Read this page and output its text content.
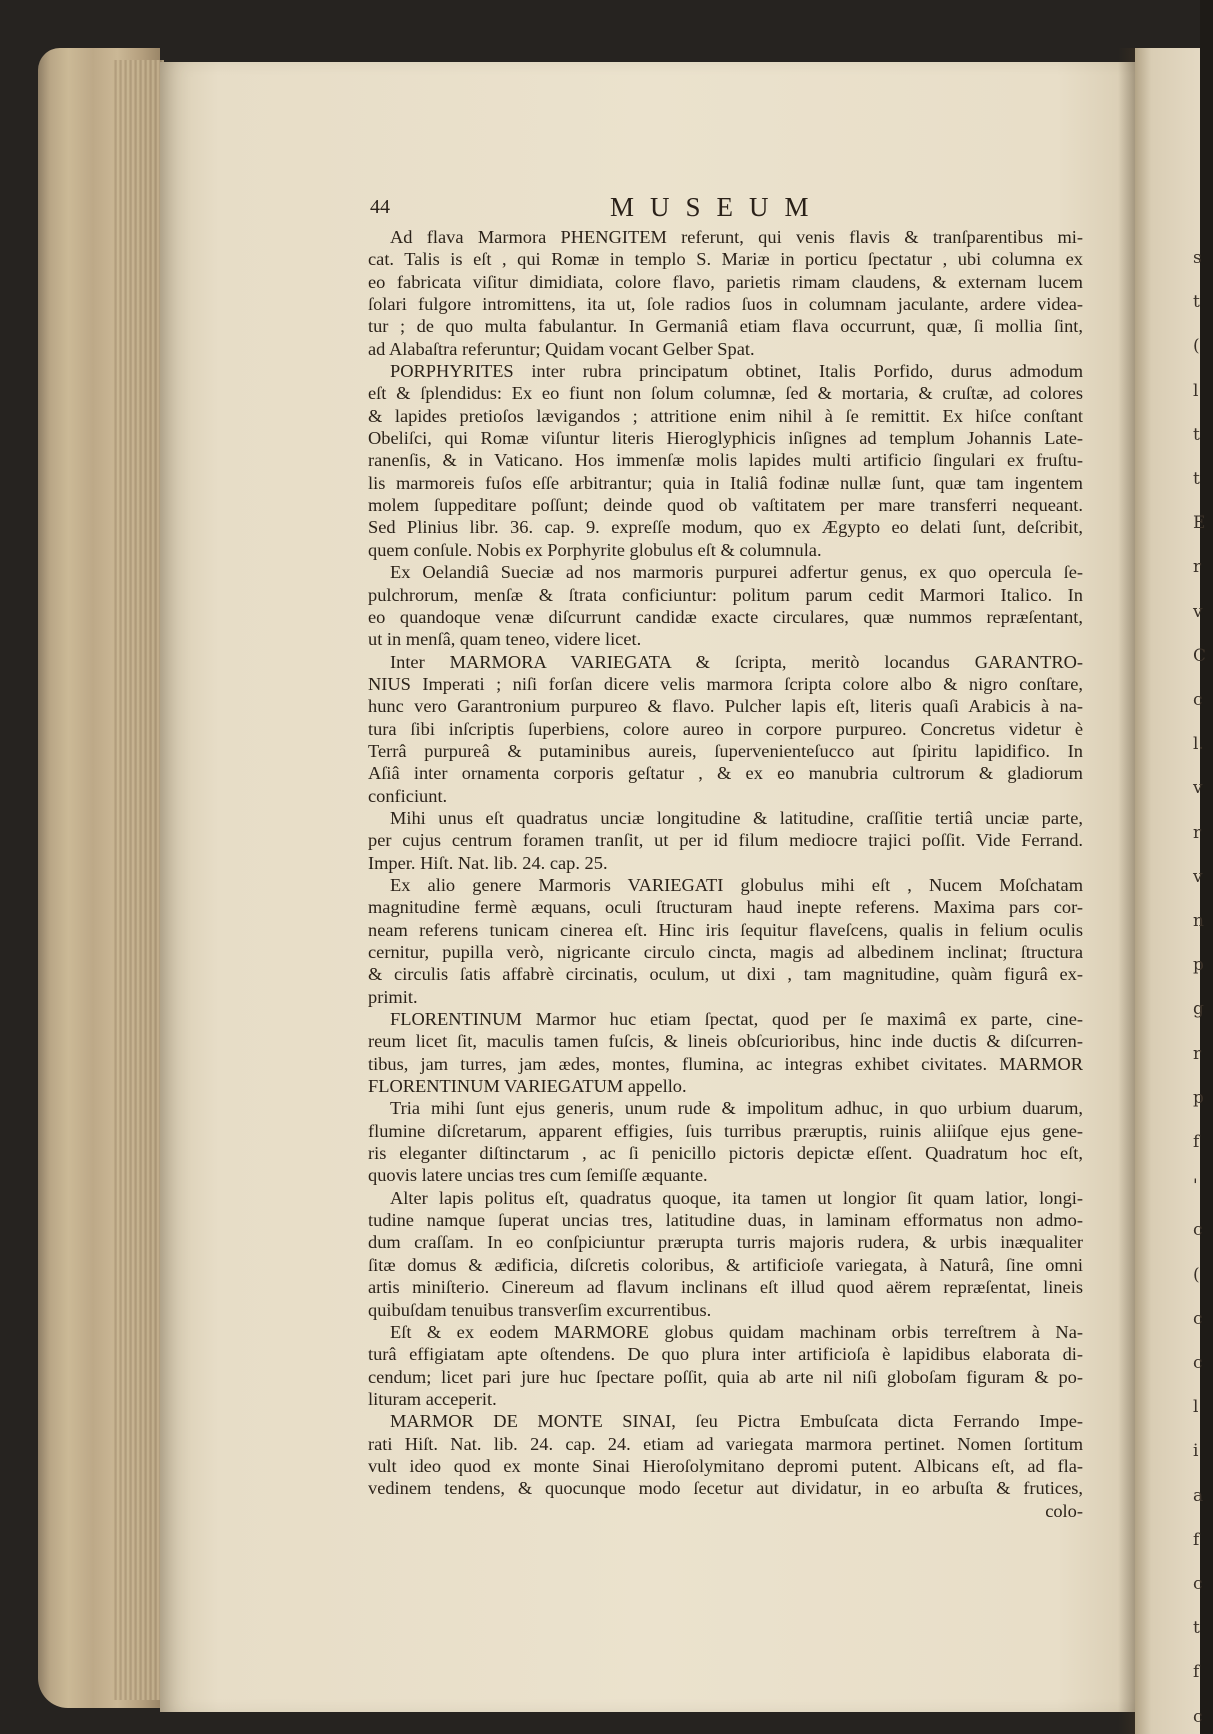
s
t
(
l
t
t
E
r
v
C
c
l.
v
r
v
n
p
g
r
p
f
'
c
(
c
c
l
i
a
f
c
t
f
c
44	MUSEUM
Ad flava Marmora PHENGITEM referunt, qui venis flavis & tranſparentibus mi-
cat. Talis is eſt , qui Romæ in templo S. Mariæ in porticu ſpectatur , ubi columna ex
eo fabricata viſitur dimidiata, colore flavo, parietis rimam claudens, & externam lucem
ſolari fulgore intromittens, ita ut, ſole radios ſuos in columnam jaculante, ardere videa-
tur ; de quo multa fabulantur. In Germaniâ etiam flava occurrunt, quæ, ſi mollia ſint,
ad Alabaſtra referuntur; Quidam vocant Gelber Spat.
PORPHYRITES inter rubra principatum obtinet, Italis Porfido, durus admodum
eſt & ſplendidus: Ex eo fiunt non ſolum columnæ, ſed & mortaria, & cruſtæ, ad colores
& lapides pretioſos lævigandos ; attritione enim nihil à ſe remittit. Ex hiſce conſtant
Obeliſci, qui Romæ viſuntur literis Hieroglyphicis inſignes ad templum Johannis Late-
ranenſis, & in Vaticano. Hos immenſæ molis lapides multi artificio ſingulari ex fruſtu-
lis marmoreis fuſos eſſe arbitrantur; quia in Italiâ fodinæ nullæ ſunt, quæ tam ingentem
molem ſuppeditare poſſunt; deinde quod ob vaſtitatem per mare transferri nequeant.
Sed Plinius libr. 36. cap. 9. expreſſe modum, quo ex Ægypto eo delati ſunt, deſcribit,
quem conſule. Nobis ex Porphyrite globulus eſt & columnula.
Ex Oelandiâ Sueciæ ad nos marmoris purpurei adfertur genus, ex quo opercula ſe-
pulchrorum, menſæ & ſtrata conficiuntur: politum parum cedit Marmori Italico. In
eo quandoque venæ diſcurrunt candidæ exacte circulares, quæ nummos repræſentant,
ut in menſâ, quam teneo, videre licet.
Inter MARMORA VARIEGATA & ſcripta, meritò locandus GARANTRO-
NIUS Imperati ; niſi forſan dicere velis marmora ſcripta colore albo & nigro conſtare,
hunc vero Garantronium purpureo & flavo. Pulcher lapis eſt, literis quaſi Arabicis à na-
tura ſibi inſcriptis ſuperbiens, colore aureo in corpore purpureo. Concretus videtur è
Terrâ purpureâ & putaminibus aureis, ſupervenienteſucco aut ſpiritu lapidifico. In
Aſiâ inter ornamenta corporis geſtatur , & ex eo manubria cultrorum & gladiorum
conficiunt.
Mihi unus eſt quadratus unciæ longitudine & latitudine, craſſitie tertiâ unciæ parte,
per cujus centrum foramen tranſit, ut per id filum mediocre trajici poſſit. Vide Ferrand.
Imper. Hiſt. Nat. lib. 24. cap. 25.
Ex alio genere Marmoris VARIEGATI globulus mihi eſt , Nucem Moſchatam
magnitudine fermè æquans, oculi ſtructuram haud inepte referens. Maxima pars cor-
neam referens tunicam cinerea eſt. Hinc iris ſequitur flaveſcens, qualis in felium oculis
cernitur, pupilla verò, nigricante circulo cincta, magis ad albedinem inclinat; ſtructura
& circulis ſatis affabrè circinatis, oculum, ut dixi , tam magnitudine, quàm figurâ ex-
primit.
FLORENTINUM Marmor huc etiam ſpectat, quod per ſe maximâ ex parte, cine-
reum licet ſit, maculis tamen fuſcis, & lineis obſcurioribus, hinc inde ductis & diſcurren-
tibus, jam turres, jam ædes, montes, flumina, ac integras exhibet civitates. MARMOR
FLORENTINUM VARIEGATUM appello.
Tria mihi ſunt ejus generis, unum rude & impolitum adhuc, in quo urbium duarum,
flumine diſcretarum, apparent effigies, ſuis turribus præruptis, ruinis aliiſque ejus gene-
ris eleganter diſtinctarum , ac ſi penicillo pictoris depictæ eſſent. Quadratum hoc eſt,
quovis latere uncias tres cum ſemiſſe æquante.
Alter lapis politus eſt, quadratus quoque, ita tamen ut longior ſit quam latior, longi-
tudine namque ſuperat uncias tres, latitudine duas, in laminam efformatus non admo-
dum craſſam. In eo conſpiciuntur prærupta turris majoris rudera, & urbis inæqualiter
ſitæ domus & ædificia, diſcretis coloribus, & artificioſe variegata, à Naturâ, ſine omni
artis miniſterio. Cinereum ad flavum inclinans eſt illud quod aërem repræſentat, lineis
quibuſdam tenuibus transverſim excurrentibus.
Eſt & ex eodem MARMORE globus quidam machinam orbis terreſtrem à Na-
turâ effigiatam apte oſtendens. De quo plura inter artificioſa è lapidibus elaborata di-
cendum; licet pari jure huc ſpectare poſſit, quia ab arte nil niſi globoſam figuram & po-
lituram acceperit.
MARMOR DE MONTE SINAI, ſeu Pictra Embuſcata dicta Ferrando Impe-
rati Hiſt. Nat. lib. 24. cap. 24. etiam ad variegata marmora pertinet. Nomen ſortitum
vult ideo quod ex monte Sinai Hieroſolymitano depromi putent. Albicans eſt, ad fla-
vedinem tendens, & quocunque modo ſecetur aut dividatur, in eo arbuſta & frutices,
colo-
